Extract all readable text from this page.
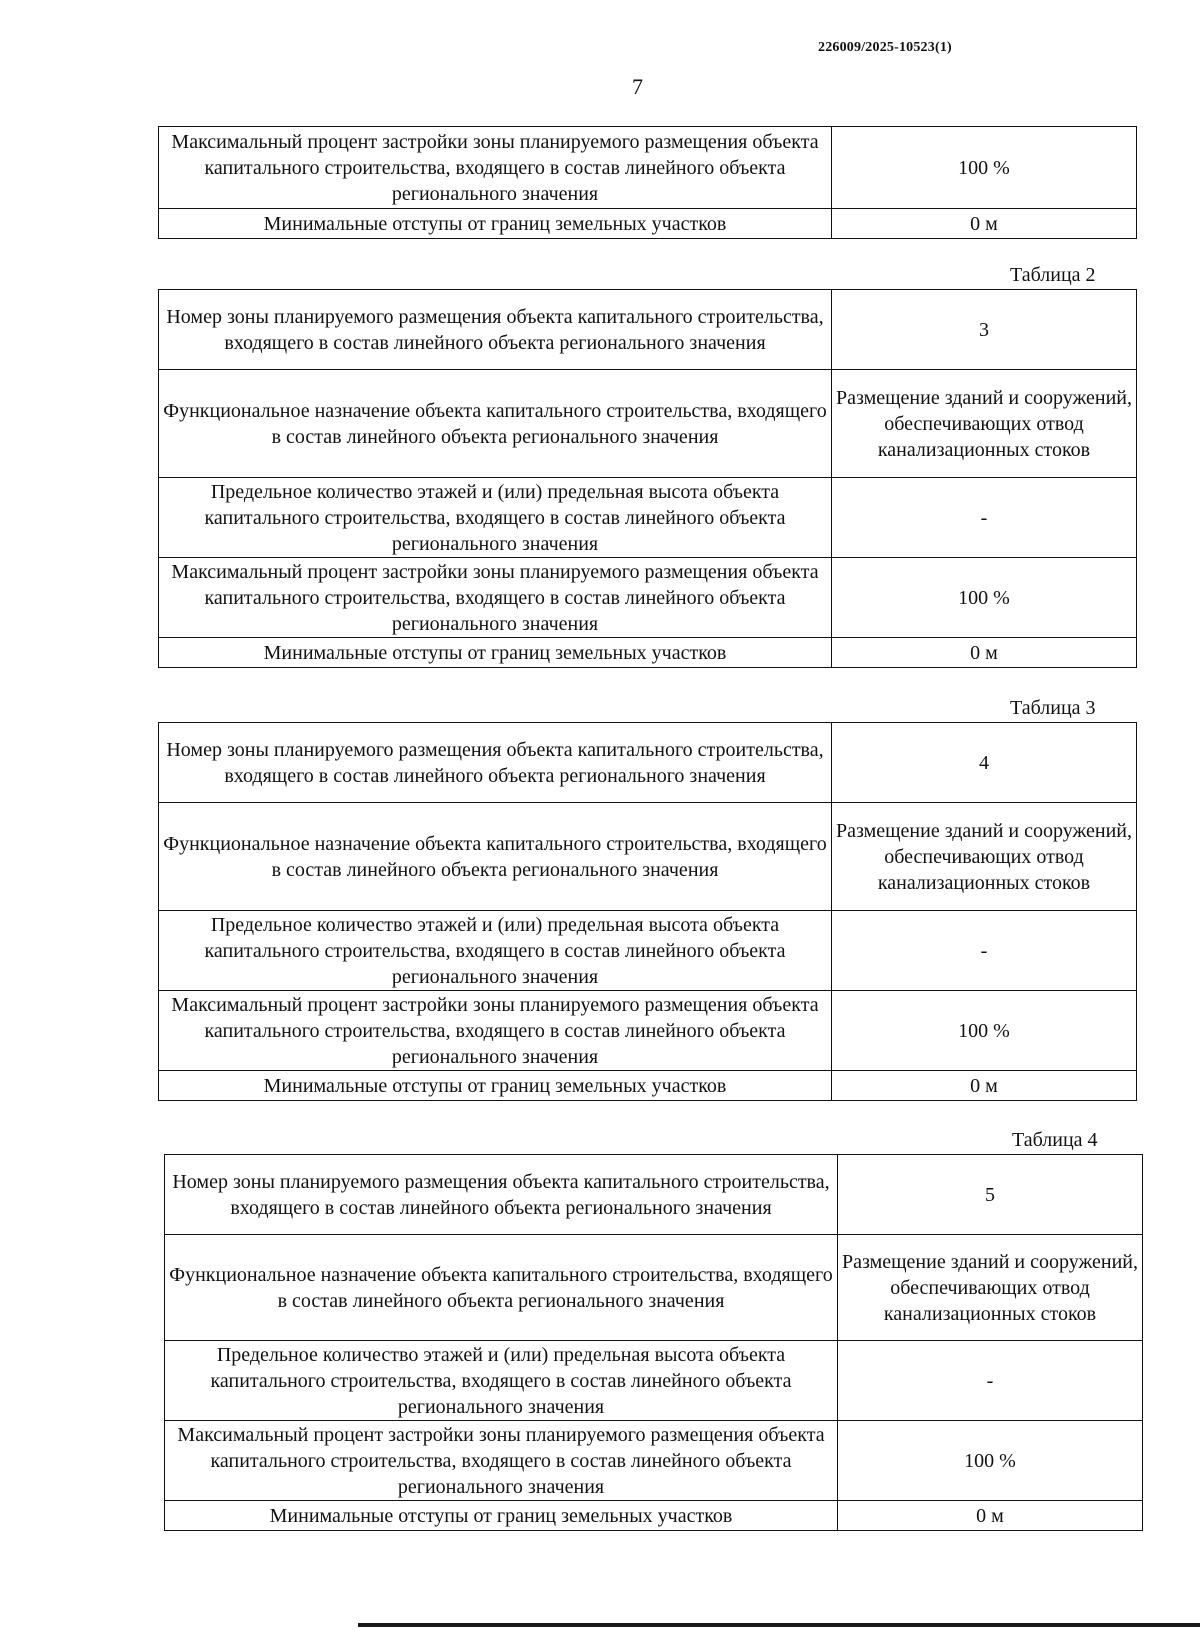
226009/2025-10523(1)
7
Максимальный процент застройки зоны планируемого размещения объекта капитального строительства, входящего в состав линейного объекта регионального значения	100 %
Минимальные отступы от границ земельных участков	0 м
Таблица 2
Номер зоны планируемого размещения объекта капитального строительства, входящего в состав линейного объекта регионального значения	3
Функциональное назначение объекта капитального строительства, входящего в состав линейного объекта регионального значения	Размещение зданий и сооружений, обеспечивающих отвод канализационных стоков
Предельное количество этажей и (или) предельная высота объекта капитального строительства, входящего в состав линейного объекта регионального значения	-
Максимальный процент застройки зоны планируемого размещения объекта капитального строительства, входящего в состав линейного объекта регионального значения	100 %
Минимальные отступы от границ земельных участков	0 м
Таблица 3
Номер зоны планируемого размещения объекта капитального строительства, входящего в состав линейного объекта регионального значения	4
Функциональное назначение объекта капитального строительства, входящего в состав линейного объекта регионального значения	Размещение зданий и сооружений, обеспечивающих отвод канализационных стоков
Предельное количество этажей и (или) предельная высота объекта капитального строительства, входящего в состав линейного объекта регионального значения	-
Максимальный процент застройки зоны планируемого размещения объекта капитального строительства, входящего в состав линейного объекта регионального значения	100 %
Минимальные отступы от границ земельных участков	0 м
Таблица 4
Номер зоны планируемого размещения объекта капитального строительства, входящего в состав линейного объекта регионального значения	5
Функциональное назначение объекта капитального строительства, входящего в состав линейного объекта регионального значения	Размещение зданий и сооружений, обеспечивающих отвод канализационных стоков
Предельное количество этажей и (или) предельная высота объекта капитального строительства, входящего в состав линейного объекта регионального значения	-
Максимальный процент застройки зоны планируемого размещения объекта капитального строительства, входящего в состав линейного объекта регионального значения	100 %
Минимальные отступы от границ земельных участков	0 м
